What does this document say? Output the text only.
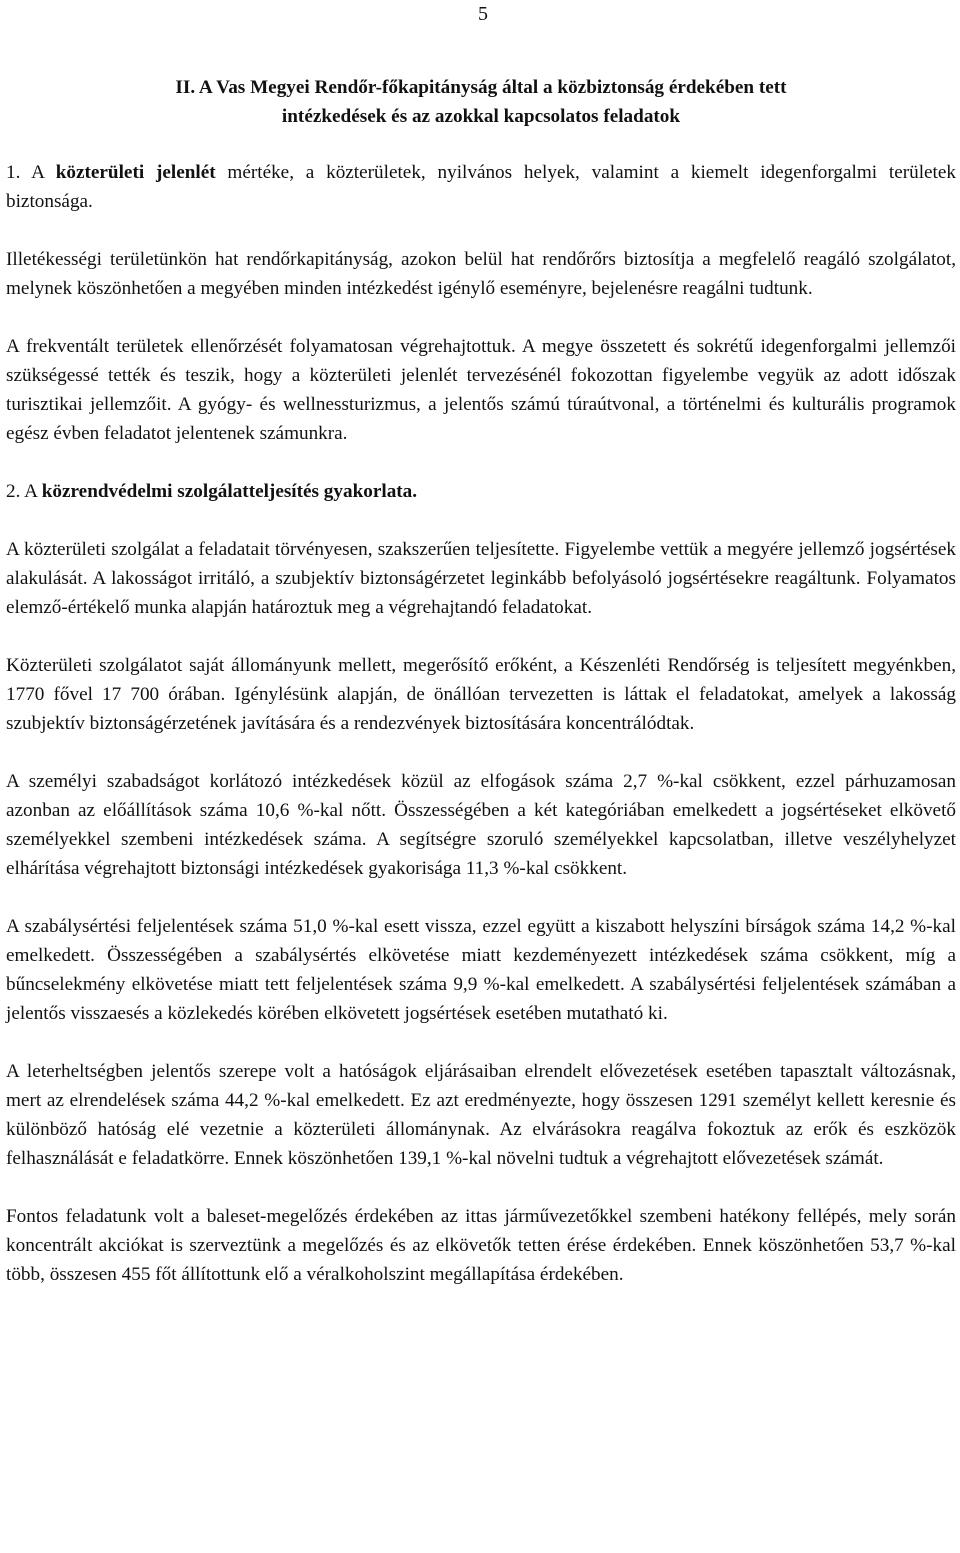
5
II. A Vas Megyei Rendőr-főkapitányság által a közbiztonság érdekében tett
intézkedések és az azokkal kapcsolatos feladatok

1. A közterületi jelenlét mértéke, a közterületek, nyilvános helyek, valamint a kiemelt idegenforgalmi területek biztonsága.

Illetékességi területünkön hat rendőrkapitányság, azokon belül hat rendőrőrs biztosítja a megfelelő reagáló szolgálatot, melynek köszönhetően a megyében minden intézkedést igénylő eseményre, bejelenésre reagálni tudtunk.

A frekventált területek ellenőrzését folyamatosan végrehajtottuk. A megye összetett és sokrétű idegenforgalmi jellemzői szükségessé tették és teszik, hogy a közterületi jelenlét tervezésénél fokozottan figyelembe vegyük az adott időszak turisztikai jellemzőit. A gyógy- és wellnessturizmus, a jelentős számú túraútvonal, a történelmi és kulturális programok egész évben feladatot jelentenek számunkra.

2. A közrendvédelmi szolgálatteljesítés gyakorlata.

A közterületi szolgálat a feladatait törvényesen, szakszerűen teljesítette. Figyelembe vettük a megyére jellemző jogsértések alakulását. A lakosságot irritáló, a szubjektív biztonságérzetet leginkább befolyásoló jogsértésekre reagáltunk. Folyamatos elemző-értékelő munka alapján határoztuk meg a végrehajtandó feladatokat.

Közterületi szolgálatot saját állományunk mellett, megerősítő erőként, a Készenléti Rendőrség is teljesített megyénkben, 1770 fővel 17 700 órában. Igénylésünk alapján, de önállóan tervezetten is láttak el feladatokat, amelyek a lakosság szubjektív biztonságérzetének javítására és a rendezvények biztosítására koncentrálódtak.

A személyi szabadságot korlátozó intézkedések közül az elfogások száma 2,7 %-kal csökkent, ezzel párhuzamosan azonban az előállítások száma 10,6 %-kal nőtt. Összességében a két kategóriában emelkedett a jogsértéseket elkövető személyekkel szembeni intézkedések száma. A segítségre szoruló személyekkel kapcsolatban, illetve veszélyhelyzet elhárítása végrehajtott biztonsági intézkedések gyakorisága 11,3 %-kal csökkent.

A szabálysértési feljelentések száma 51,0 %-kal esett vissza, ezzel együtt a kiszabott helyszíni bírságok száma 14,2 %-kal emelkedett. Összességében a szabálysértés elkövetése miatt kezdeményezett intézkedések száma csökkent, míg a bűncselekmény elkövetése miatt tett feljelentések száma 9,9 %-kal emelkedett. A szabálysértési feljelentések számában a jelentős visszaesés a közlekedés körében elkövetett jogsértések esetében mutatható ki.

A leterheltségben jelentős szerepe volt a hatóságok eljárásaiban elrendelt elővezetések esetében tapasztalt változásnak, mert az elrendelések száma 44,2 %-kal emelkedett. Ez azt eredményezte, hogy összesen 1291 személyt kellett keresnie és különböző hatóság elé vezetnie a közterületi állománynak. Az elvárásokra reagálva fokoztuk az erők és eszközök felhasználását e feladatkörre. Ennek köszönhetően 139,1 %-kal növelni tudtuk a végrehajtott elővezetések számát.

Fontos feladatunk volt a baleset-megelőzés érdekében az ittas járművezetőkkel szembeni hatékony fellépés, mely során koncentrált akciókat is szerveztünk a megelőzés és az elkövetők tetten érése érdekében. Ennek köszönhetően 53,7 %-kal több, összesen 455 főt állítottunk elő a véralkoholszint megállapítása érdekében.
